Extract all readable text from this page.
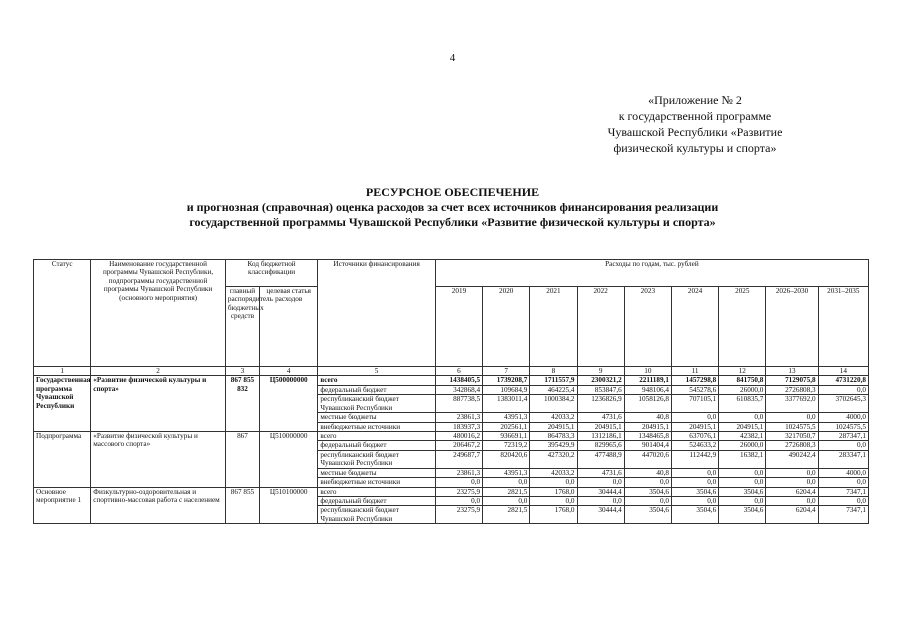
4
«Приложение № 2
к государственной программе
Чувашской Республики «Развитие
физической культуры и спорта»
РЕСУРСНОЕ ОБЕСПЕЧЕНИЕ
и прогнозная (справочная) оценка расходов за счет всех источников финансирования реализации
государственной программы Чувашской Республики «Развитие физической культуры и спорта»
Статус	Наименование государственной программы Чувашской Республики, подпрограммы государственной программы Чувашской Республики (основного мероприятия)	Код бюджетной классификации		Источники финансирования	Расходы по годам, тыс. рублей								
		главный распорядитель бюджетных средств	целевая статья расходов		2019	2020	2021	2022	2023	2024	2025	2026–2030	2031–2035
1	2	3	4	5	6	7	8	9	10	11	12	13	14
Государственная программа Чувашской Республики	«Развитие физической культуры и спорта»	867 855 832	Ц500000000	всего	1438405,5	1739208,7	1711557,9	2300321,2	2211189,1	1457298,8	841750,8	7129075,8	4731220,8
				федеральный бюджет	342868,4	109684,9	464225,4	853847,6	948106,4	545278,6	26000,0	2726808,3	0,0
				республиканский бюджет Чувашской Республики	887738,5	1383011,4	1000384,2	1236826,9	1058126,8	707105,1	610835,7	3377692,0	3702645,3
				местные бюджеты	23861,3	43951,3	42033,2	4731,6	40,8	0,0	0,0	0,0	4000,0
				внебюджетные источники	183937,3	202561,1	204915,1	204915,1	204915,1	204915,1	204915,1	1024575,5	1024575,5
Подпрограмма	«Развитие физической культуры и массового спорта»	867	Ц510000000	всего	480016,2	936691,1	864783,3	1312186,1	1348465,8	637076,1	42382,1	3217050,7	287347,1
				федеральный бюджет	206467,2	72319,2	395429,9	829965,6	901404,4	524633,2	26000,0	2726808,3	0,0
				республиканский бюджет Чувашской Республики	249687,7	820420,6	427320,2	477488,9	447020,6	112442,9	16382,1	490242,4	283347,1
				местные бюджеты	23861,3	43951,3	42033,2	4731,6	40,8	0,0	0,0	0,0	4000,0
				внебюджетные источники	0,0	0,0	0,0	0,0	0,0	0,0	0,0	0,0	0,0
Основное мероприятие 1	Физкультурно-оздоровительная и спортивно-массовая работа с населением	867 855	Ц510100000	всего	23275,9	2821,5	1768,0	30444,4	3504,6	3504,6	3504,6	6204,4	7347,1
				федеральный бюджет	0,0	0,0	0,0	0,0	0,0	0,0	0,0	0,0	0,0
				республиканский бюджет Чувашской Республики	23275,9	2821,5	1768,0	30444,4	3504,6	3504,6	3504,6	6204,4	7347,1
